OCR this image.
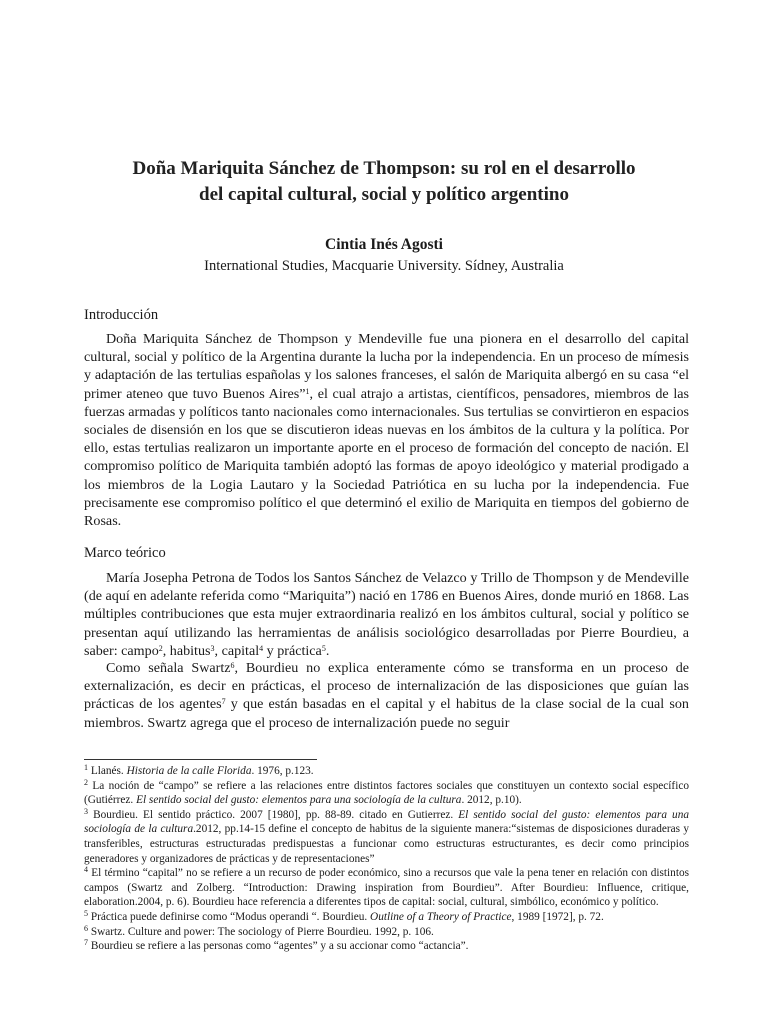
Doña Mariquita Sánchez de Thompson: su rol en el desarrollo
del capital cultural, social y político argentino
Cintia Inés Agosti
International Studies, Macquarie University. Sídney, Australia
Introducción
Doña Mariquita Sánchez de Thompson y Mendeville fue una pionera en el desarrollo del capital cultural, social y político de la Argentina durante la lucha por la independencia. En un proceso de mímesis y adaptación de las tertulias españolas y los salones franceses, el salón de Mariquita albergó en su casa “el primer ateneo que tuvo Buenos Aires”$^1$, el cual atrajo a artistas, científicos, pensadores, miembros de las fuerzas armadas y políticos tanto nacionales como internacionales. Sus tertulias se convirtieron en espacios sociales de disensión en los que se discutieron ideas nuevas en los ámbitos de la cultura y la política. Por ello, estas tertulias realizaron un importante aporte en el proceso de formación del concepto de nación. El compromiso político de Mariquita también adoptó las formas de apoyo ideológico y material prodigado a los miembros de la Logia Lautaro y la Sociedad Patriótica en su lucha por la independencia. Fue precisamente ese compromiso político el que determinó el exilio de Mariquita en tiempos del gobierno de Rosas.
Marco teórico
María Josepha Petrona de Todos los Santos Sánchez de Velazco y Trillo de Thompson y de Mendeville (de aquí en adelante referida como “Mariquita”) nació en 1786 en Buenos Aires, donde murió en 1868. Las múltiples contribuciones que esta mujer extraordinaria realizó en los ámbitos cultural, social y político se presentan aquí utilizando las herramientas de análisis sociológico desarrolladas por Pierre Bourdieu, a saber: campo$^2$, habitus$^3$, capital$^4$ y práctica$^5$.
Como señala Swartz$^6$, Bourdieu no explica enteramente cómo se transforma en un proceso de externalización, es decir en prácticas, el proceso de internalización de las disposiciones que guían las prácticas de los agentes$^7$ y que están basadas en el capital y el habitus de la clase social de la cual son miembros. Swartz agrega que el proceso de internalización puede no seguir

$^1$ Llanés. Historia de la calle Florida. 1976, p.123.

$^2$ La noción de “campo” se refiere a las relaciones entre distintos factores sociales que constituyen un contexto social específico (Gutiérrez. El sentido social del gusto: elementos para una sociología de la cultura. 2012, p.10).

$^3$ Bourdieu. El sentido práctico. 2007 [1980], pp. 88-89. citado en Gutierrez. El sentido social del gusto: elementos para una sociología de la cultura.2012, pp.14-15 define el concepto de habitus de la siguiente manera:“sistemas de disposiciones duraderas y transferibles, estructuras estructuradas predispuestas a funcionar como estructuras estructurantes, es decir como principios generadores y organizadores de prácticas y de representaciones”

$^4$ El término “capital” no se refiere a un recurso de poder económico, sino a recursos que vale la pena tener en relación con distintos campos (Swartz and Zolberg. “Introduction: Drawing inspiration from Bourdieu”. After Bourdieu: Influence, critique, elaboration.2004, p. 6). Bourdieu hace referencia a diferentes tipos de capital: social, cultural, simbólico, económico y político.

$^5$ Práctica puede definirse como “Modus operandi “. Bourdieu. Outline of a Theory of Practice, 1989 [1972], p. 72.

$^6$ Swartz. Culture and power: The sociology of Pierre Bourdieu. 1992, p. 106.

$^7$ Bourdieu se refiere a las personas como “agentes” y a su accionar como “actancia”.
